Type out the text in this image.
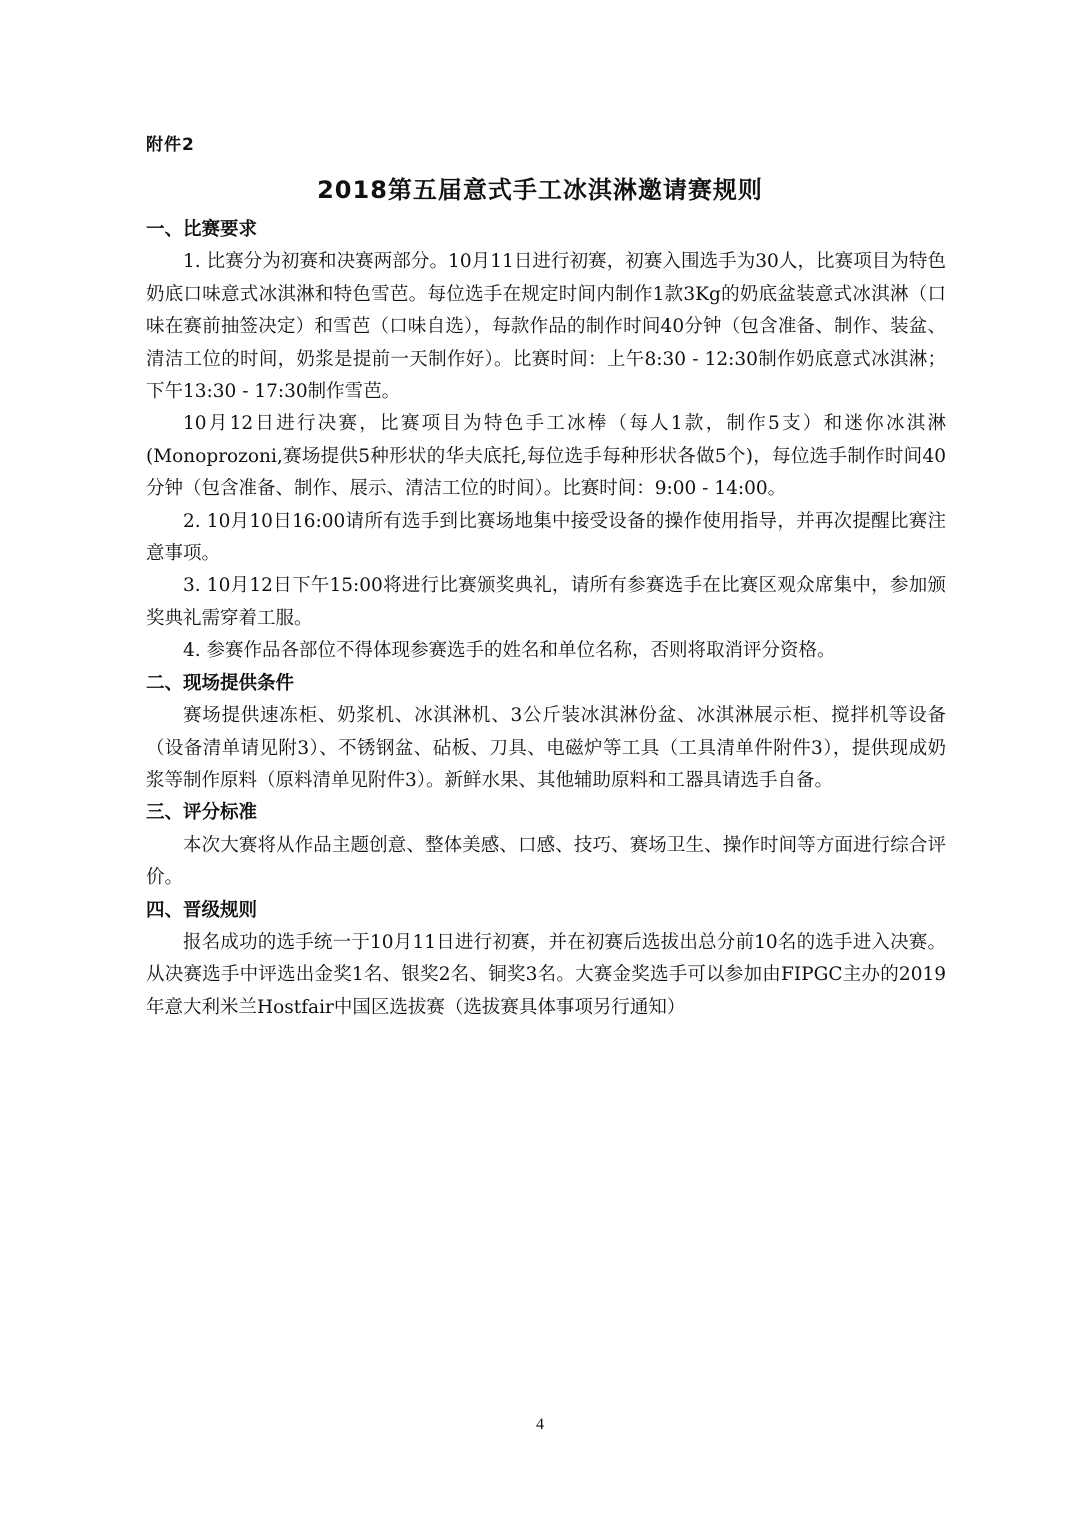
附件2
2018第五届意式手工冰淇淋邀请赛规则

一、比赛要求

1. 比赛分为初赛和决赛两部分。10月11日进行初赛，初赛入围选手为30人，比赛项目为特色奶底口味意式冰淇淋和特色雪芭。每位选手在规定时间内制作1款3Kg的奶底盆装意式冰淇淋（口味在赛前抽签决定）和雪芭（口味自选），每款作品的制作时间40分钟（包含准备、制作、装盆、清洁工位的时间，奶浆是提前一天制作好）。比赛时间：上午8:30 - 12:30制作奶底意式冰淇淋；下午13:30 - 17:30制作雪芭。

10月12日进行决赛，比赛项目为特色手工冰棒（每人1款，制作5支）和迷你冰淇淋(Monoprozoni,赛场提供5种形状的华夫底托,每位选手每种形状各做5个)，每位选手制作时间40分钟（包含准备、制作、展示、清洁工位的时间）。比赛时间：9:00 - 14:00。

2. 10月10日16:00请所有选手到比赛场地集中接受设备的操作使用指导，并再次提醒比赛注意事项。

3. 10月12日下午15:00将进行比赛颁奖典礼，请所有参赛选手在比赛区观众席集中，参加颁奖典礼需穿着工服。

4. 参赛作品各部位不得体现参赛选手的姓名和单位名称，否则将取消评分资格。

二、现场提供条件

赛场提供速冻柜、奶浆机、冰淇淋机、3公斤装冰淇淋份盆、冰淇淋展示柜、搅拌机等设备（设备清单请见附3）、不锈钢盆、砧板、刀具、电磁炉等工具（工具清单件附件3），提供现成奶浆等制作原料（原料清单见附件3）。新鲜水果、其他辅助原料和工器具请选手自备。

三、评分标准

本次大赛将从作品主题创意、整体美感、口感、技巧、赛场卫生、操作时间等方面进行综合评价。

四、晋级规则

报名成功的选手统一于10月11日进行初赛，并在初赛后选拔出总分前10名的选手进入决赛。从决赛选手中评选出金奖1名、银奖2名、铜奖3名。大赛金奖选手可以参加由FIPGC主办的2019年意大利米兰Hostfair中国区选拔赛（选拔赛具体事项另行通知）

4
